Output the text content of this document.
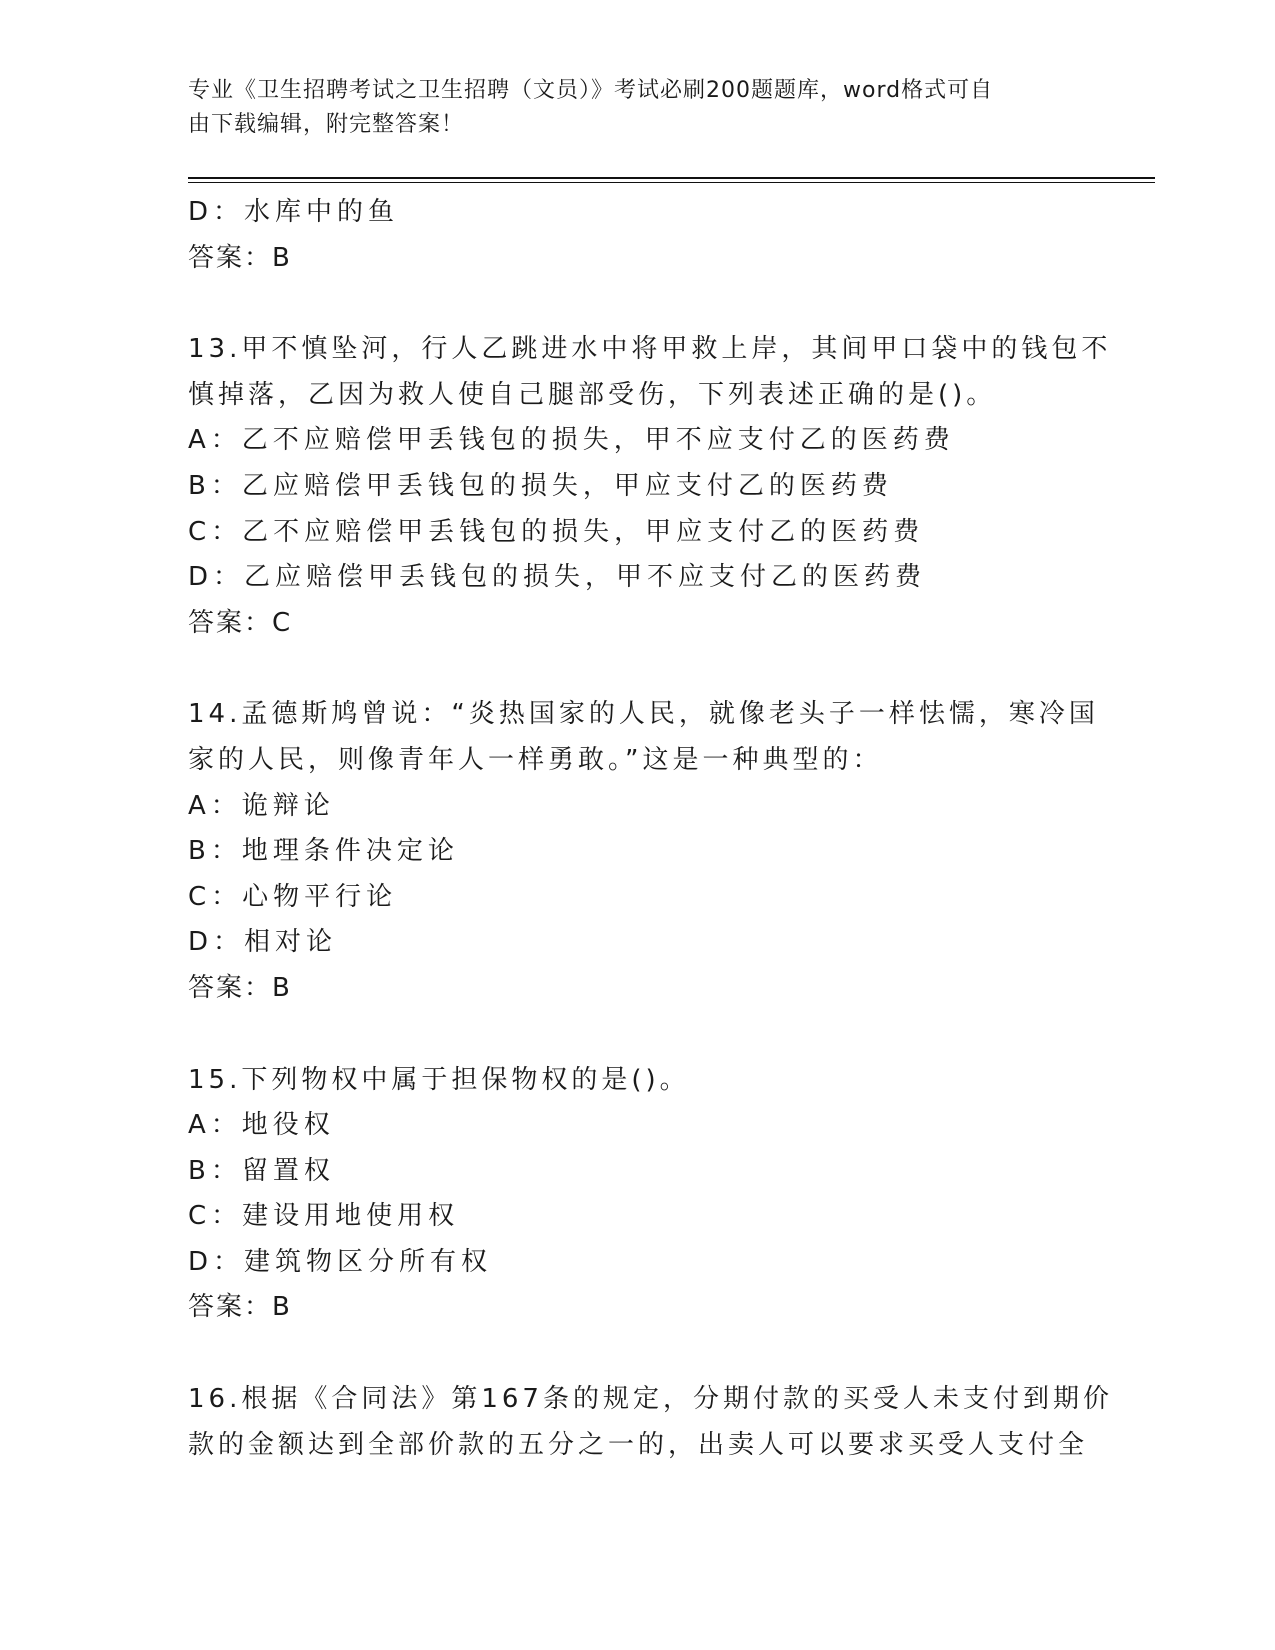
专业《卫生招聘考试之卫生招聘（文员）》考试必刷200题题库，word格式可自
由下载编辑，附完整答案！
D：水库中的鱼
答案：B
13.甲不慎坠河，行人乙跳进水中将甲救上岸，其间甲口袋中的钱包不
慎掉落，乙因为救人使自己腿部受伤，下列表述正确的是()。
A：乙不应赔偿甲丢钱包的损失，甲不应支付乙的医药费
B：乙应赔偿甲丢钱包的损失，甲应支付乙的医药费
C：乙不应赔偿甲丢钱包的损失，甲应支付乙的医药费
D：乙应赔偿甲丢钱包的损失，甲不应支付乙的医药费
答案：C
14.孟德斯鸠曾说：“炎热国家的人民，就像老头子一样怯懦，寒冷国
家的人民，则像青年人一样勇敢。”这是一种典型的：
A：诡辩论
B：地理条件决定论
C：心物平行论
D：相对论
答案：B
15.下列物权中属于担保物权的是()。
A：地役权
B：留置权
C：建设用地使用权
D：建筑物区分所有权
答案：B
16.根据《合同法》第167条的规定，分期付款的买受人未支付到期价
款的金额达到全部价款的五分之一的，出卖人可以要求买受人支付全
